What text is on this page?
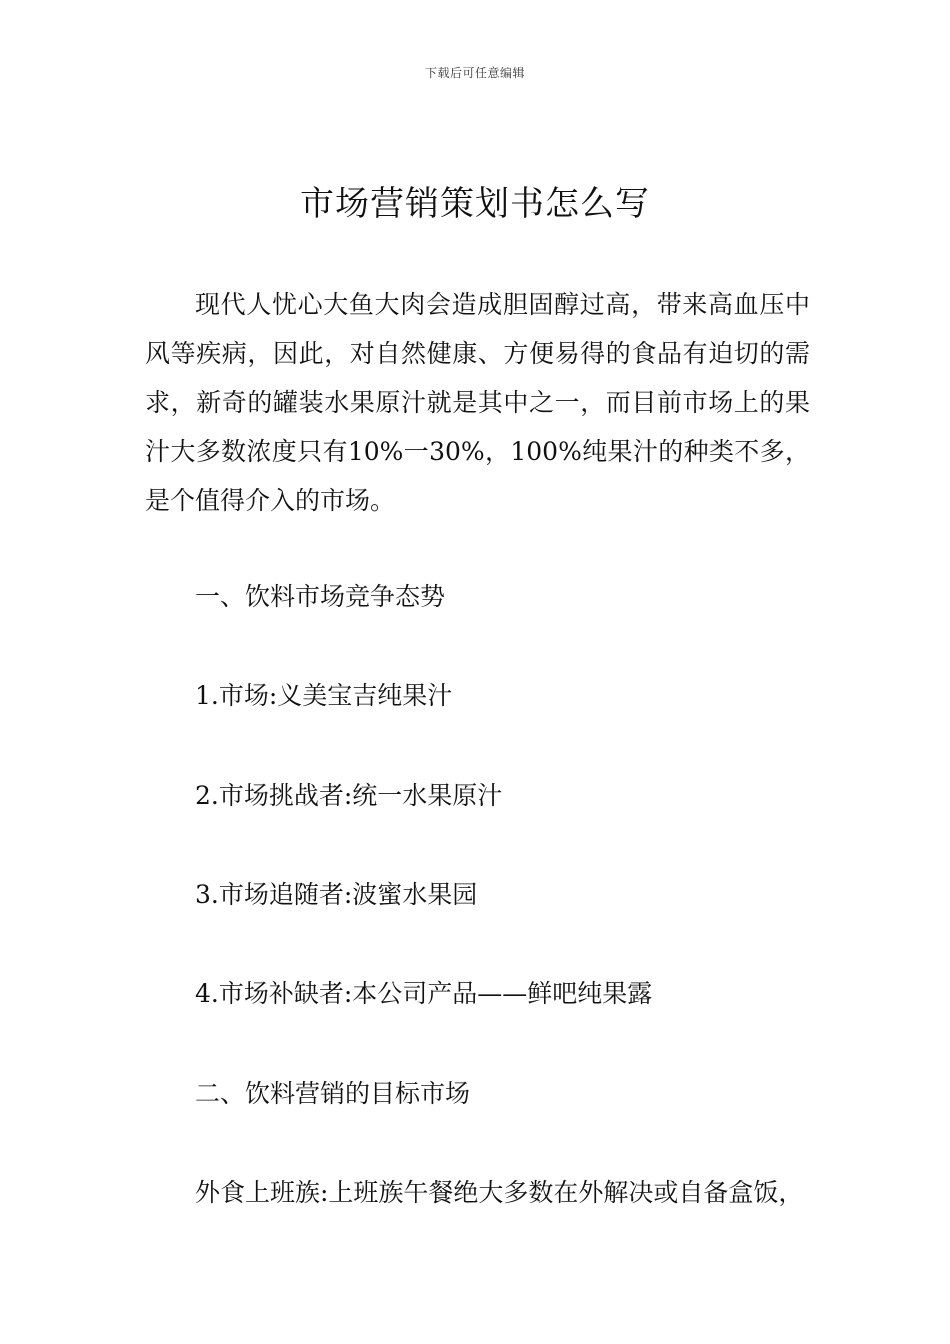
下载后可任意编辑
市场营销策划书怎么写

现代人忧心大鱼大肉会造成胆固醇过高，带来高血压中风等疾病，因此，对自然健康、方便易得的食品有迫切的需求，新奇的罐装水果原汁就是其中之一，而目前市场上的果汁大多数浓度只有10%一30%，100%纯果汁的种类不多，是个值得介入的市场。

一、饮料市场竞争态势

1.市场:义美宝吉纯果汁

2.市场挑战者:统一水果原汁

3.市场追随者:波蜜水果园

4.市场补缺者:本公司产品——鲜吧纯果露

二、饮料营销的目标市场

外食上班族:上班族午餐绝大多数在外解决或自备盒饭，
